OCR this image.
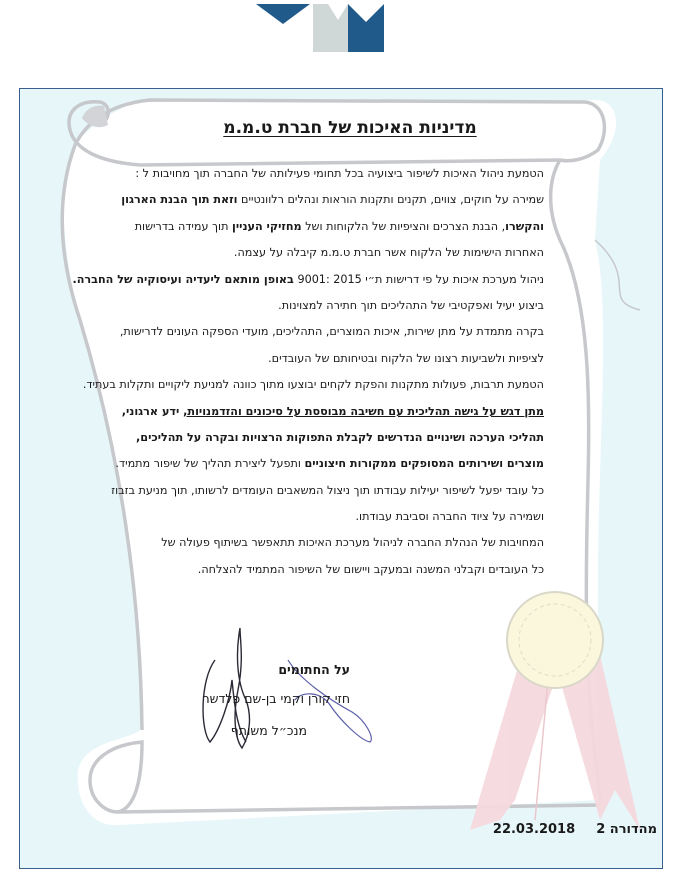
מדיניות האיכות של חברת ט.מ.מ
הטמעת ניהול האיכות לשיפור ביצועיה בכל תחומי פעילותה של החברה תוך מחויבות ל :
שמירה על חוקים, צווים, תקנים ותקנות הוראות ונהלים רלוונטיים וזאת תוך הבנת הארגון
והקשרו, הבנת הצרכים והציפיות של הלקוחות ושל מחזיקי העניין תוך עמידה בדרישות
האחרות הישימות של הלקוח אשר חברת ט.מ.מ קיבלה על עצמה.
ניהול מערכת איכות על פי דרישות ת״י 2015 :9001 באופן מותאם ליעדיה ועיסוקיה של החברה.
ביצוע יעיל ואפקטיבי של התהליכים תוך חתירה למצוינות.
בקרה מתמדת על מתן שירות, איכות המוצרים, התהליכים, מועדי הספקה העונים לדרישות,
לציפיות ולשביעות רצונו של הלקוח ובטיחותם של העובדים.
הטמעת תרבות, פעולות מתקנות והפקת לקחים יבוצעו מתוך כוונה למניעת ליקויים ותקלות בעתיד.
מתן דגש על גישה תהליכית עם חשיבה מבוססת על סיכונים והזדמנויות, ידע ארגוני,
תהליכי הערכה ושינויים הנדרשים לקבלת התפוקות הרצויות ובקרה על תהליכים,
מוצרים ושירותים המסופקים ממקורות חיצוניים ותפעל ליצירת תהליך של שיפור מתמיד.
כל עובד יפעל לשיפור יעילות עבודתו תוך ניצול המשאבים העומדים לרשותו, תוך מניעת בזבוז
ושמירה על ציוד החברה וסביבת עבודתו.
המחויבות של הנהלת החברה לניהול מערכת האיכות תתאפשר בשיתוף פעולה של
כל העובדים וקבלני המשנה ובמעקב ויישום של השיפור המתמיד להצלחה.
על החתומים
חזי קורן וקמי בן-שם פלדשר
מנכ״ל משותף
מהדורה 2  22.03.2018
